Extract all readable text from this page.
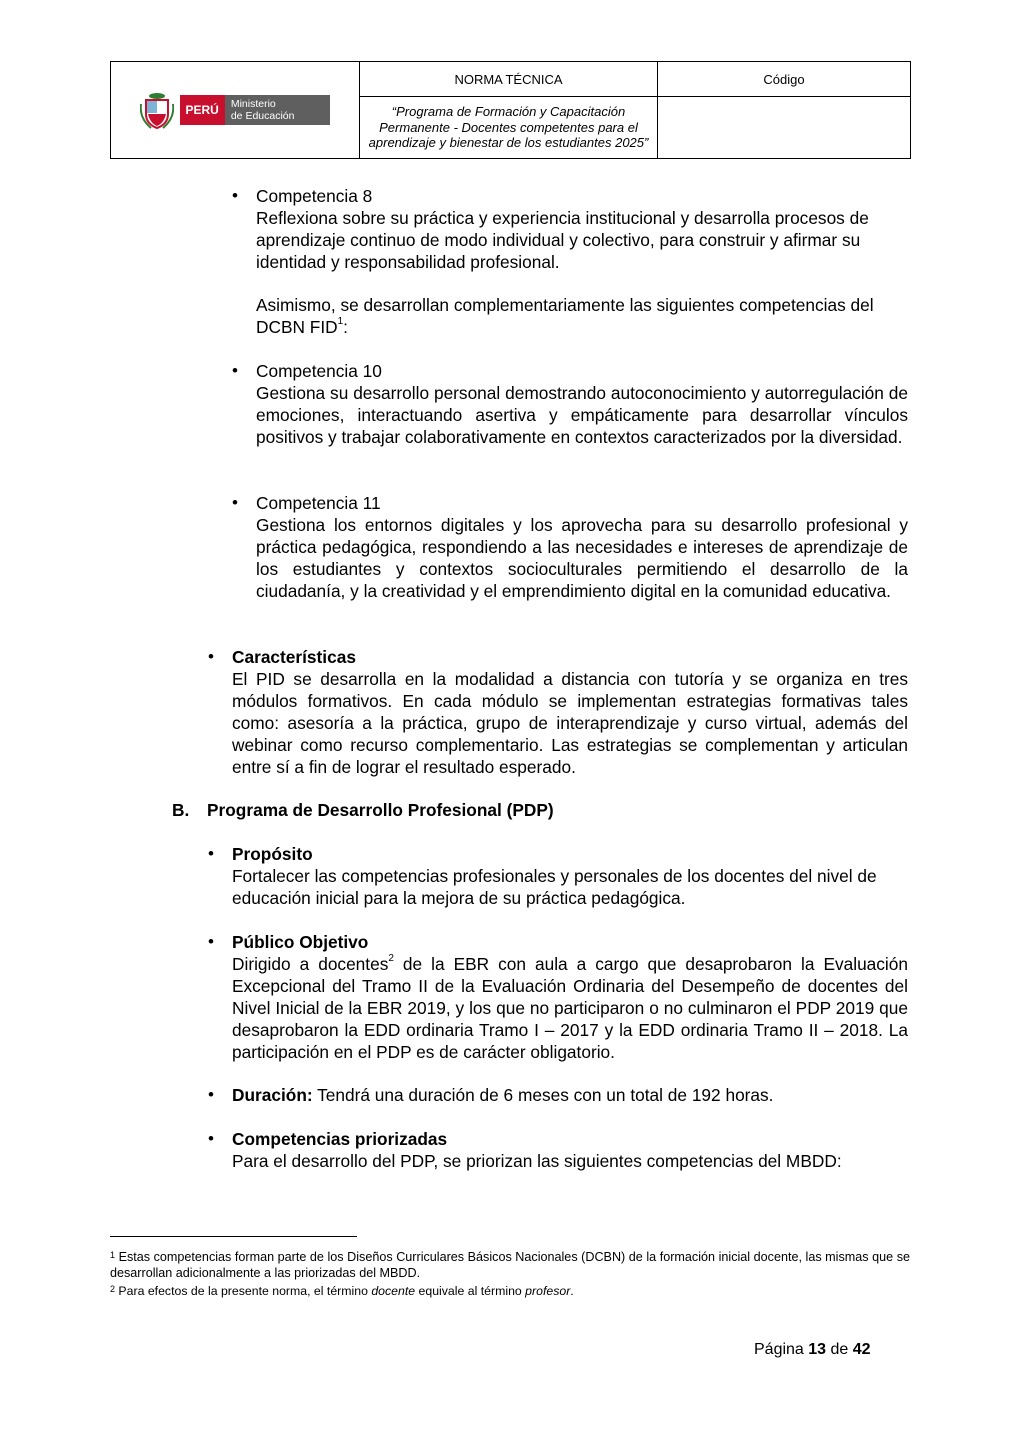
PERÚ Ministerio
de Educación	NORMA TÉCNICA	Código
	“Programa de Formación y Capacitación Permanente - Docentes competentes para el aprendizaje y bienestar de los estudiantes 2025”	
• Competencia 8

Reflexiona sobre su práctica y experiencia institucional y desarrolla procesos de aprendizaje continuo de modo individual y colectivo, para construir y afirmar su identidad y responsabilidad profesional.

Asimismo, se desarrollan complementariamente las siguientes competencias del DCBN FID$^1$:

• Competencia 10

Gestiona su desarrollo personal demostrando autoconocimiento y autorregulación de emociones, interactuando asertiva y empáticamente para desarrollar vínculos positivos y trabajar colaborativamente en contextos caracterizados por la diversidad.

• Competencia 11

Gestiona los entornos digitales y los aprovecha para su desarrollo profesional y práctica pedagógica, respondiendo a las necesidades e intereses de aprendizaje de los estudiantes y contextos socioculturales permitiendo el desarrollo de la ciudadanía, y la creatividad y el emprendimiento digital en la comunidad educativa.

• Características

El PID se desarrolla en la modalidad a distancia con tutoría y se organiza en tres módulos formativos. En cada módulo se implementan estrategias formativas tales como: asesoría a la práctica, grupo de interaprendizaje y curso virtual, además del webinar como recurso complementario. Las estrategias se complementan y articulan entre sí a fin de lograr el resultado esperado.

B. Programa de Desarrollo Profesional (PDP)

• Propósito

Fortalecer las competencias profesionales y personales de los docentes del nivel de educación inicial para la mejora de su práctica pedagógica.

• Público Objetivo

Dirigido a docentes$^2$ de la EBR con aula a cargo que desaprobaron la Evaluación Excepcional del Tramo II de la Evaluación Ordinaria del Desempeño de docentes del Nivel Inicial de la EBR 2019, y los que no participaron o no culminaron el PDP 2019 que desaprobaron la EDD ordinaria Tramo I – 2017 y la EDD ordinaria Tramo II – 2018. La participación en el PDP es de carácter obligatorio.

• Duración: Tendrá una duración de 6 meses con un total de 192 horas.

• Competencias priorizadas

Para el desarrollo del PDP, se priorizan las siguientes competencias del MBDD:

$^1$ Estas competencias forman parte de los Diseños Curriculares Básicos Nacionales (DCBN) de la formación inicial docente, las mismas que se desarrollan adicionalmente a las priorizadas del MBDD.
$^2$ Para efectos de la presente norma, el término docente equivale al término profesor.
Página 13 de 42
